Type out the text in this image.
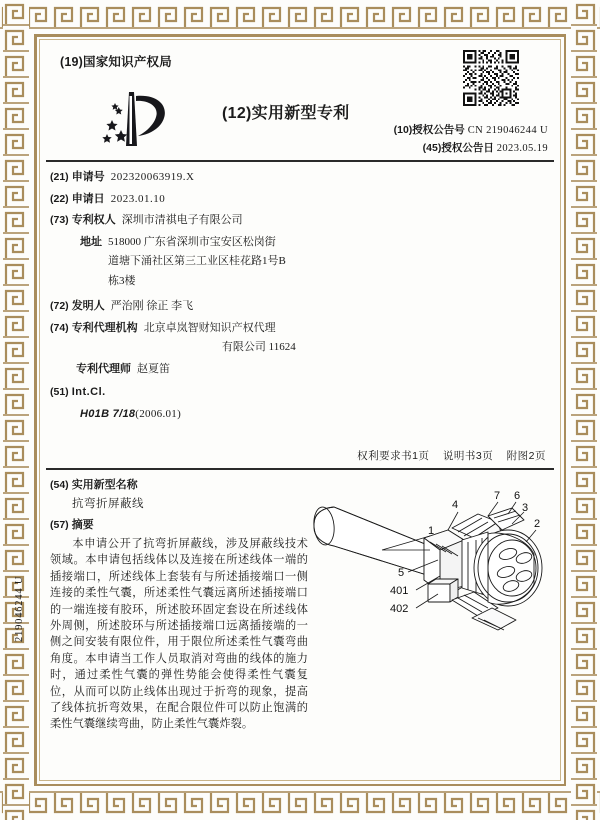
(19)国家知识产权局
(12)实用新型专利
(10)授权公告号 CN 219046244 U
(45)授权公告日 2023.05.19
(21) 申请号 202320063919.X
(22) 申请日 2023.01.10
(73) 专利权人 深圳市清祺电子有限公司
地址 518000 广东省深圳市宝安区松岗街
道塘下涌社区第三工业区桂花路1号B
栋3楼
(72) 发明人 严治刚 徐正 李飞
(74) 专利代理机构 北京卓岚智财知识产权代理
有限公司 11624
专利代理师 赵夏笛
(51) Int.Cl.
H01B 7/18(2006.01)
权利要求书1页 说明书3页 附图2页
(54) 实用新型名称
抗弯折屏蔽线
(57) 摘要
本申请公开了抗弯折屏蔽线，涉及屏蔽线技术领域。本申请包括线体以及连接在所述线体一端的插接端口，所述线体上套装有与所述插接端口一侧连接的柔性气囊，所述柔性气囊远离所述插接端口的一端连接有胶环，所述胶环固定套设在所述线体外周侧，所述胶环与所述插接端口远离插接端的一侧之间安装有限位件，用于限位所述柔性气囊弯曲角度。本申请当工作人员取消对弯曲的线体的施力时，通过柔性气囊的弹性势能会使得柔性气囊复位，从而可以防止线体出现过于折弯的现象，提高了线体抗折弯效果，在配合限位件可以防止饱满的柔性气囊继续弯曲，防止柔性气囊炸裂。
1
4
7 6
3
2
5
401
402
219046244 U
